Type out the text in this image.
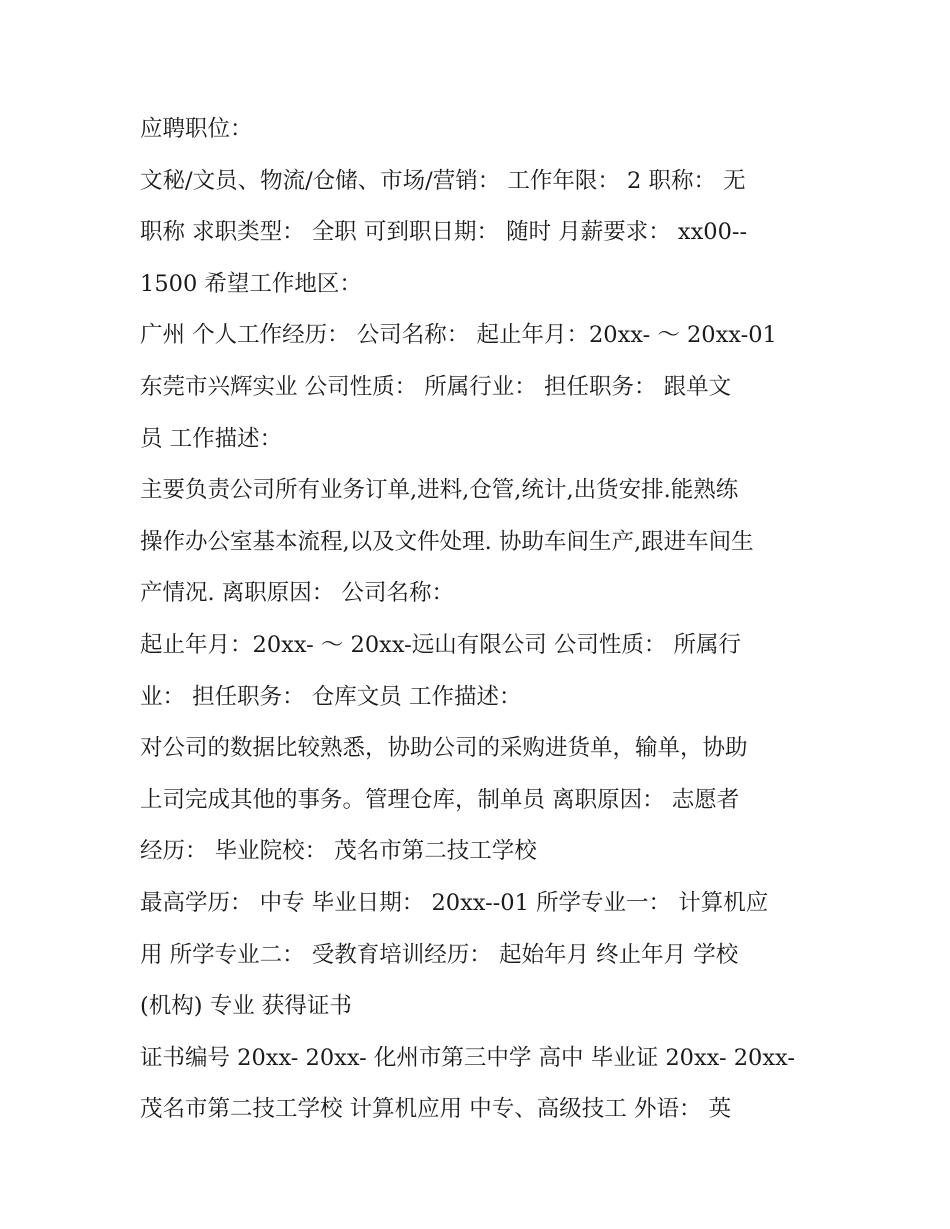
应聘职位：
文秘/文员、物流/仓储、市场/营销： 工作年限： 2 职称： 无
职称 求职类型： 全职 可到职日期： 随时 月薪要求： xx00--
1500 希望工作地区：
广州 个人工作经历： 公司名称： 起止年月：20xx- ～ 20xx-01
东莞市兴辉实业 公司性质： 所属行业： 担任职务： 跟单文
员 工作描述：
主要负责公司所有业务订单,进料,仓管,统计,出货安排.能熟练
操作办公室基本流程,以及文件处理. 协助车间生产,跟进车间生
产情况. 离职原因： 公司名称：
起止年月：20xx- ～ 20xx-远山有限公司 公司性质： 所属行
业： 担任职务： 仓库文员 工作描述：
对公司的数据比较熟悉，协助公司的采购进货单，输单，协助
上司完成其他的事务。管理仓库，制单员 离职原因： 志愿者
经历： 毕业院校： 茂名市第二技工学校
最高学历： 中专 毕业日期： 20xx--01 所学专业一： 计算机应
用 所学专业二： 受教育培训经历： 起始年月 终止年月 学校
(机构) 专业 获得证书
证书编号 20xx- 20xx- 化州市第三中学 高中 毕业证 20xx- 20xx-
茂名市第二技工学校 计算机应用 中专、高级技工 外语： 英
